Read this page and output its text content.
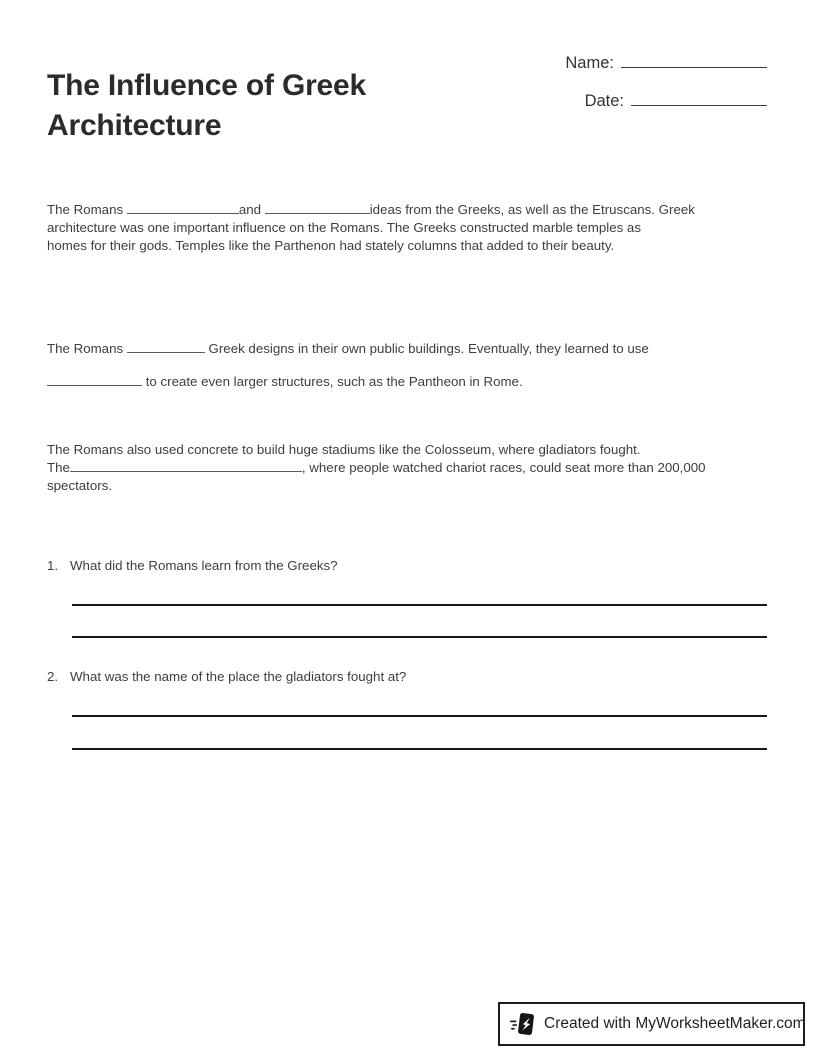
The Influence of Greek Architecture
Name:
Date:
The Romans	and	ideas from the Greeks, as well as the Etruscans. Greek
architecture was one important influence on the Romans. The Greeks constructed marble temples as
homes for their gods. Temples like the Parthenon had stately columns that added to their beauty.
The Romans	Greek designs in their own public buildings. Eventually, they learned to use
to create even larger structures, such as the Pantheon in Rome.
The Romans also used concrete to build huge stadiums like the Colosseum, where gladiators fought.
The	, where people watched chariot races, could seat more than 200,000
spectators.
1. What did the Romans learn from the Greeks?
2. What was the name of the place the gladiators fought at?
Created with MyWorksheetMaker.com
